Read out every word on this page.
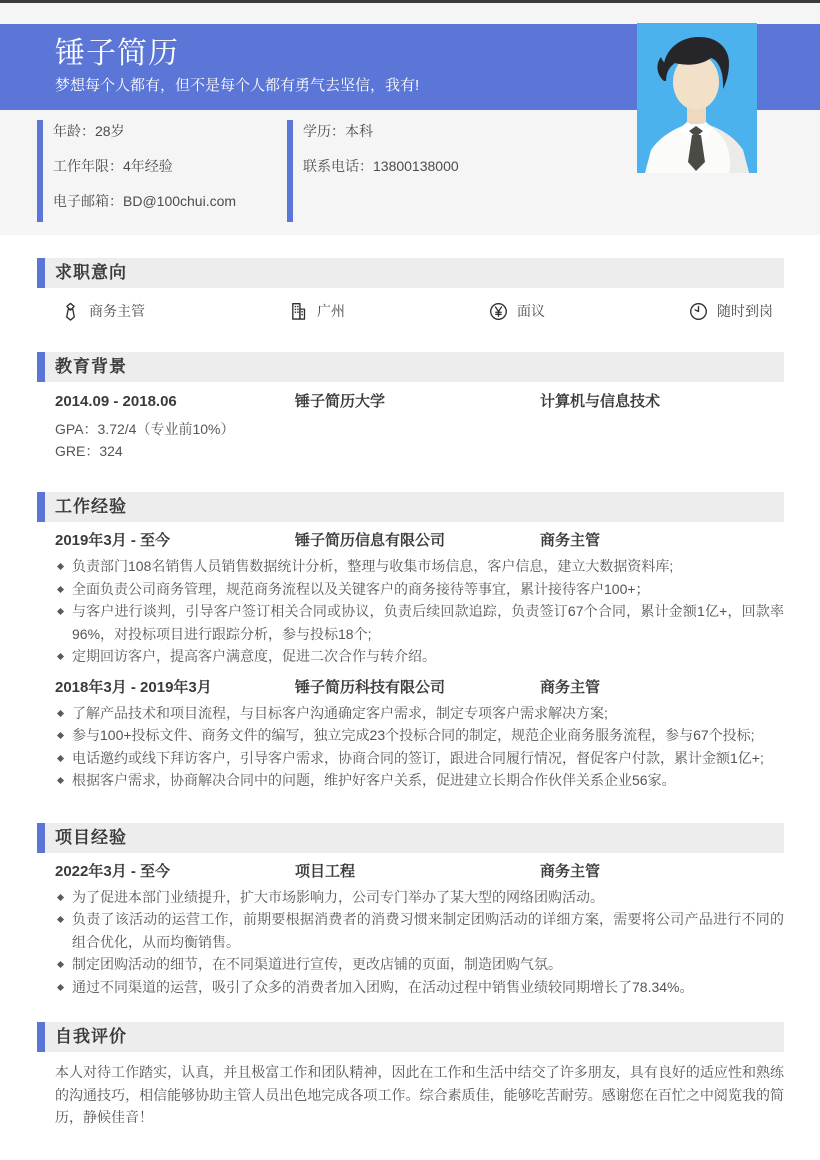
锤子简历

梦想每个人都有，但不是每个人都有勇气去坚信，我有!

年龄：28岁
工作年限：4年经验
电子邮箱：BD@100chui.com
学历：本科
联系电话：13800138000
求职意向
商务主管	广州	面议	随时到岗
教育背景
2014.09 - 2018.06	锤子简历大学	计算机与信息技术
GPA：3.72/4（专业前10%）
GRE：324
工作经验
2019年3月 - 至今	锤子简历信息有限公司	商务主管
负责部门108名销售人员销售数据统计分析，整理与收集市场信息，客户信息，建立大数据资料库;
全面负责公司商务管理，规范商务流程以及关键客户的商务接待等事宜，累计接待客户100+；
与客户进行谈判，引导客户签订相关合同或协议，负责后续回款追踪，负责签订67个合同，累计金额1亿+，回款率96%，对投标项目进行跟踪分析，参与投标18个;
定期回访客户，提高客户满意度，促进二次合作与转介绍。
2018年3月 - 2019年3月	锤子简历科技有限公司	商务主管
了解产品技术和项目流程，与目标客户沟通确定客户需求，制定专项客户需求解决方案;
参与100+投标文件、商务文件的编写，独立完成23个投标合同的制定，规范企业商务服务流程，参与67个投标;
电话邀约或线下拜访客户，引导客户需求，协商合同的签订，跟进合同履行情况，督促客户付款，累计金额1亿+;
根据客户需求，协商解决合同中的问题，维护好客户关系，促进建立长期合作伙伴关系企业56家。
项目经验
2022年3月 - 至今	项目工程	商务主管
为了促进本部门业绩提升，扩大市场影响力，公司专门举办了某大型的网络团购活动。
负责了该活动的运营工作，前期要根据消费者的消费习惯来制定团购活动的详细方案，需要将公司产品进行不同的组合优化，从而均衡销售。
制定团购活动的细节，在不同渠道进行宣传，更改店铺的页面，制造团购气氛。
通过不同渠道的运营，吸引了众多的消费者加入团购，在活动过程中销售业绩较同期增长了78.34%。
自我评价

本人对待工作踏实，认真，并且极富工作和团队精神，因此在工作和生活中结交了许多朋友，具有良好的适应性和熟练的沟通技巧，相信能够协助主管人员出色地完成各项工作。综合素质佳，能够吃苦耐劳。感谢您在百忙之中阅览我的简历，静候佳音！
